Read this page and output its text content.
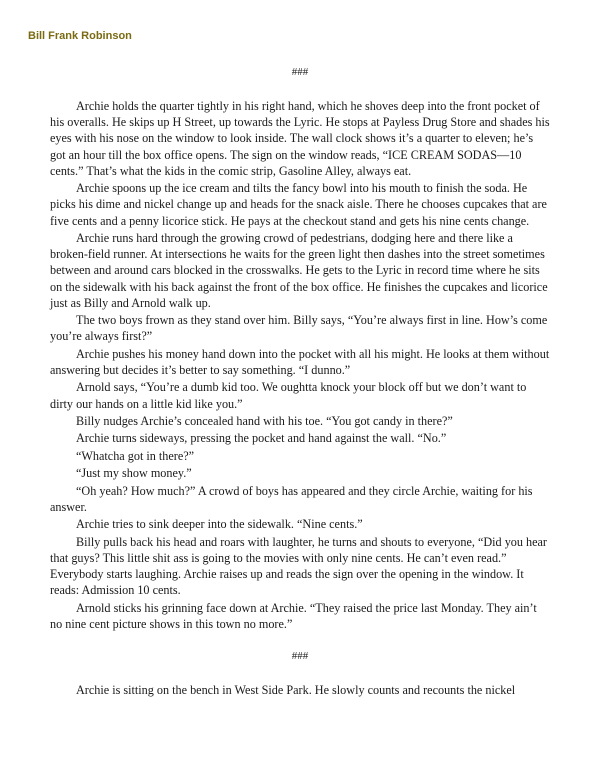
Bill Frank Robinson
###

Archie holds the quarter tightly in his right hand, which he shoves deep into the front pocket of his overalls. He skips up H Street, up towards the Lyric. He stops at Payless Drug Store and shades his eyes with his nose on the window to look inside. The wall clock shows it’s a quarter to eleven; he’s got an hour till the box office opens. The sign on the window reads, “ICE CREAM SODAS—10 cents.” That’s what the kids in the comic strip, Gasoline Alley, always eat.

Archie spoons up the ice cream and tilts the fancy bowl into his mouth to finish the soda. He picks his dime and nickel change up and heads for the snack aisle. There he chooses cupcakes that are five cents and a penny licorice stick. He pays at the checkout stand and gets his nine cents change.

Archie runs hard through the growing crowd of pedestrians, dodging here and there like a broken-field runner. At intersections he waits for the green light then dashes into the street sometimes between and around cars blocked in the crosswalks. He gets to the Lyric in record time where he sits on the sidewalk with his back against the front of the box office. He finishes the cupcakes and licorice just as Billy and Arnold walk up.

The two boys frown as they stand over him. Billy says, “You’re always first in line. How’s come you’re always first?”

Archie pushes his money hand down into the pocket with all his might. He looks at them without answering but decides it’s better to say something. “I dunno.”

Arnold says, “You’re a dumb kid too. We oughtta knock your block off but we don’t want to dirty our hands on a little kid like you.”

Billy nudges Archie’s concealed hand with his toe. “You got candy in there?”

Archie turns sideways, pressing the pocket and hand against the wall. “No.”

“Whatcha got in there?”

“Just my show money.”

“Oh yeah? How much?” A crowd of boys has appeared and they circle Archie, waiting for his answer.

Archie tries to sink deeper into the sidewalk. “Nine cents.”

Billy pulls back his head and roars with laughter, he turns and shouts to everyone, “Did you hear that guys? This little shit ass is going to the movies with only nine cents. He can’t even read.” Everybody starts laughing. Archie raises up and reads the sign over the opening in the window. It reads: Admission 10 cents.

Arnold sticks his grinning face down at Archie. “They raised the price last Monday. They ain’t no nine cent picture shows in this town no more.”

###

Archie is sitting on the bench in West Side Park. He slowly counts and recounts the nickel
